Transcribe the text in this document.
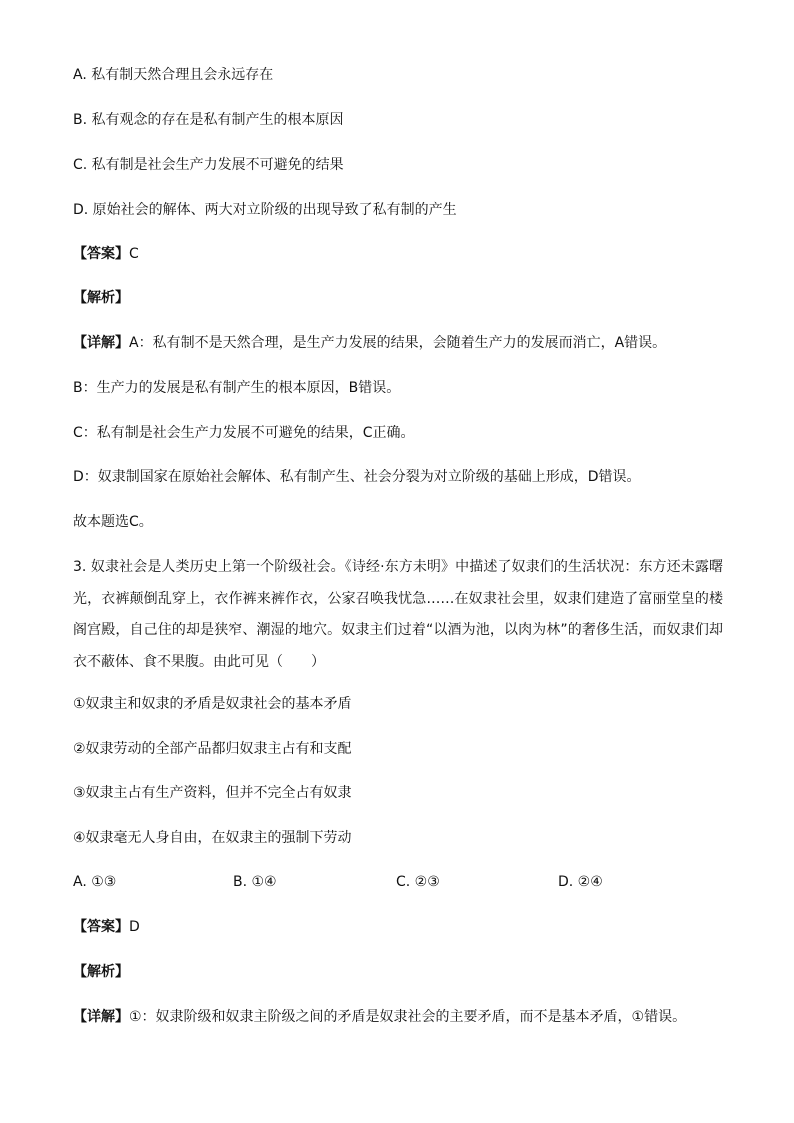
A. 私有制天然合理且会永远存在
B. 私有观念的存在是私有制产生的根本原因
C. 私有制是社会生产力发展不可避免的结果
D. 原始社会的解体、两大对立阶级的出现导致了私有制的产生
【答案】C
【解析】
【详解】A：私有制不是天然合理，是生产力发展的结果，会随着生产力的发展而消亡，A错误。
B：生产力的发展是私有制产生的根本原因，B错误。
C：私有制是社会生产力发展不可避免的结果，C正确。
D：奴隶制国家在原始社会解体、私有制产生、社会分裂为对立阶级的基础上形成，D错误。
故本题选C。
3. 奴隶社会是人类历史上第一个阶级社会。《诗经·东方未明》中描述了奴隶们的生活状况：东方还未露曙光，衣裤颠倒乱穿上，衣作裤来裤作衣，公家召唤我忧急……在奴隶社会里，奴隶们建造了富丽堂皇的楼阁宫殿，自己住的却是狭窄、潮湿的地穴。奴隶主们过着“以酒为池，以肉为林”的奢侈生活，而奴隶们却衣不蔽体、食不果腹。由此可见（　　）
①奴隶主和奴隶的矛盾是奴隶社会的基本矛盾
②奴隶劳动的全部产品都归奴隶主占有和支配
③奴隶主占有生产资料，但并不完全占有奴隶
④奴隶毫无人身自由，在奴隶主的强制下劳动
A. ①③	B. ①④	C. ②③	D. ②④
【答案】D
【解析】
【详解】①：奴隶阶级和奴隶主阶级之间的矛盾是奴隶社会的主要矛盾，而不是基本矛盾，①错误。
